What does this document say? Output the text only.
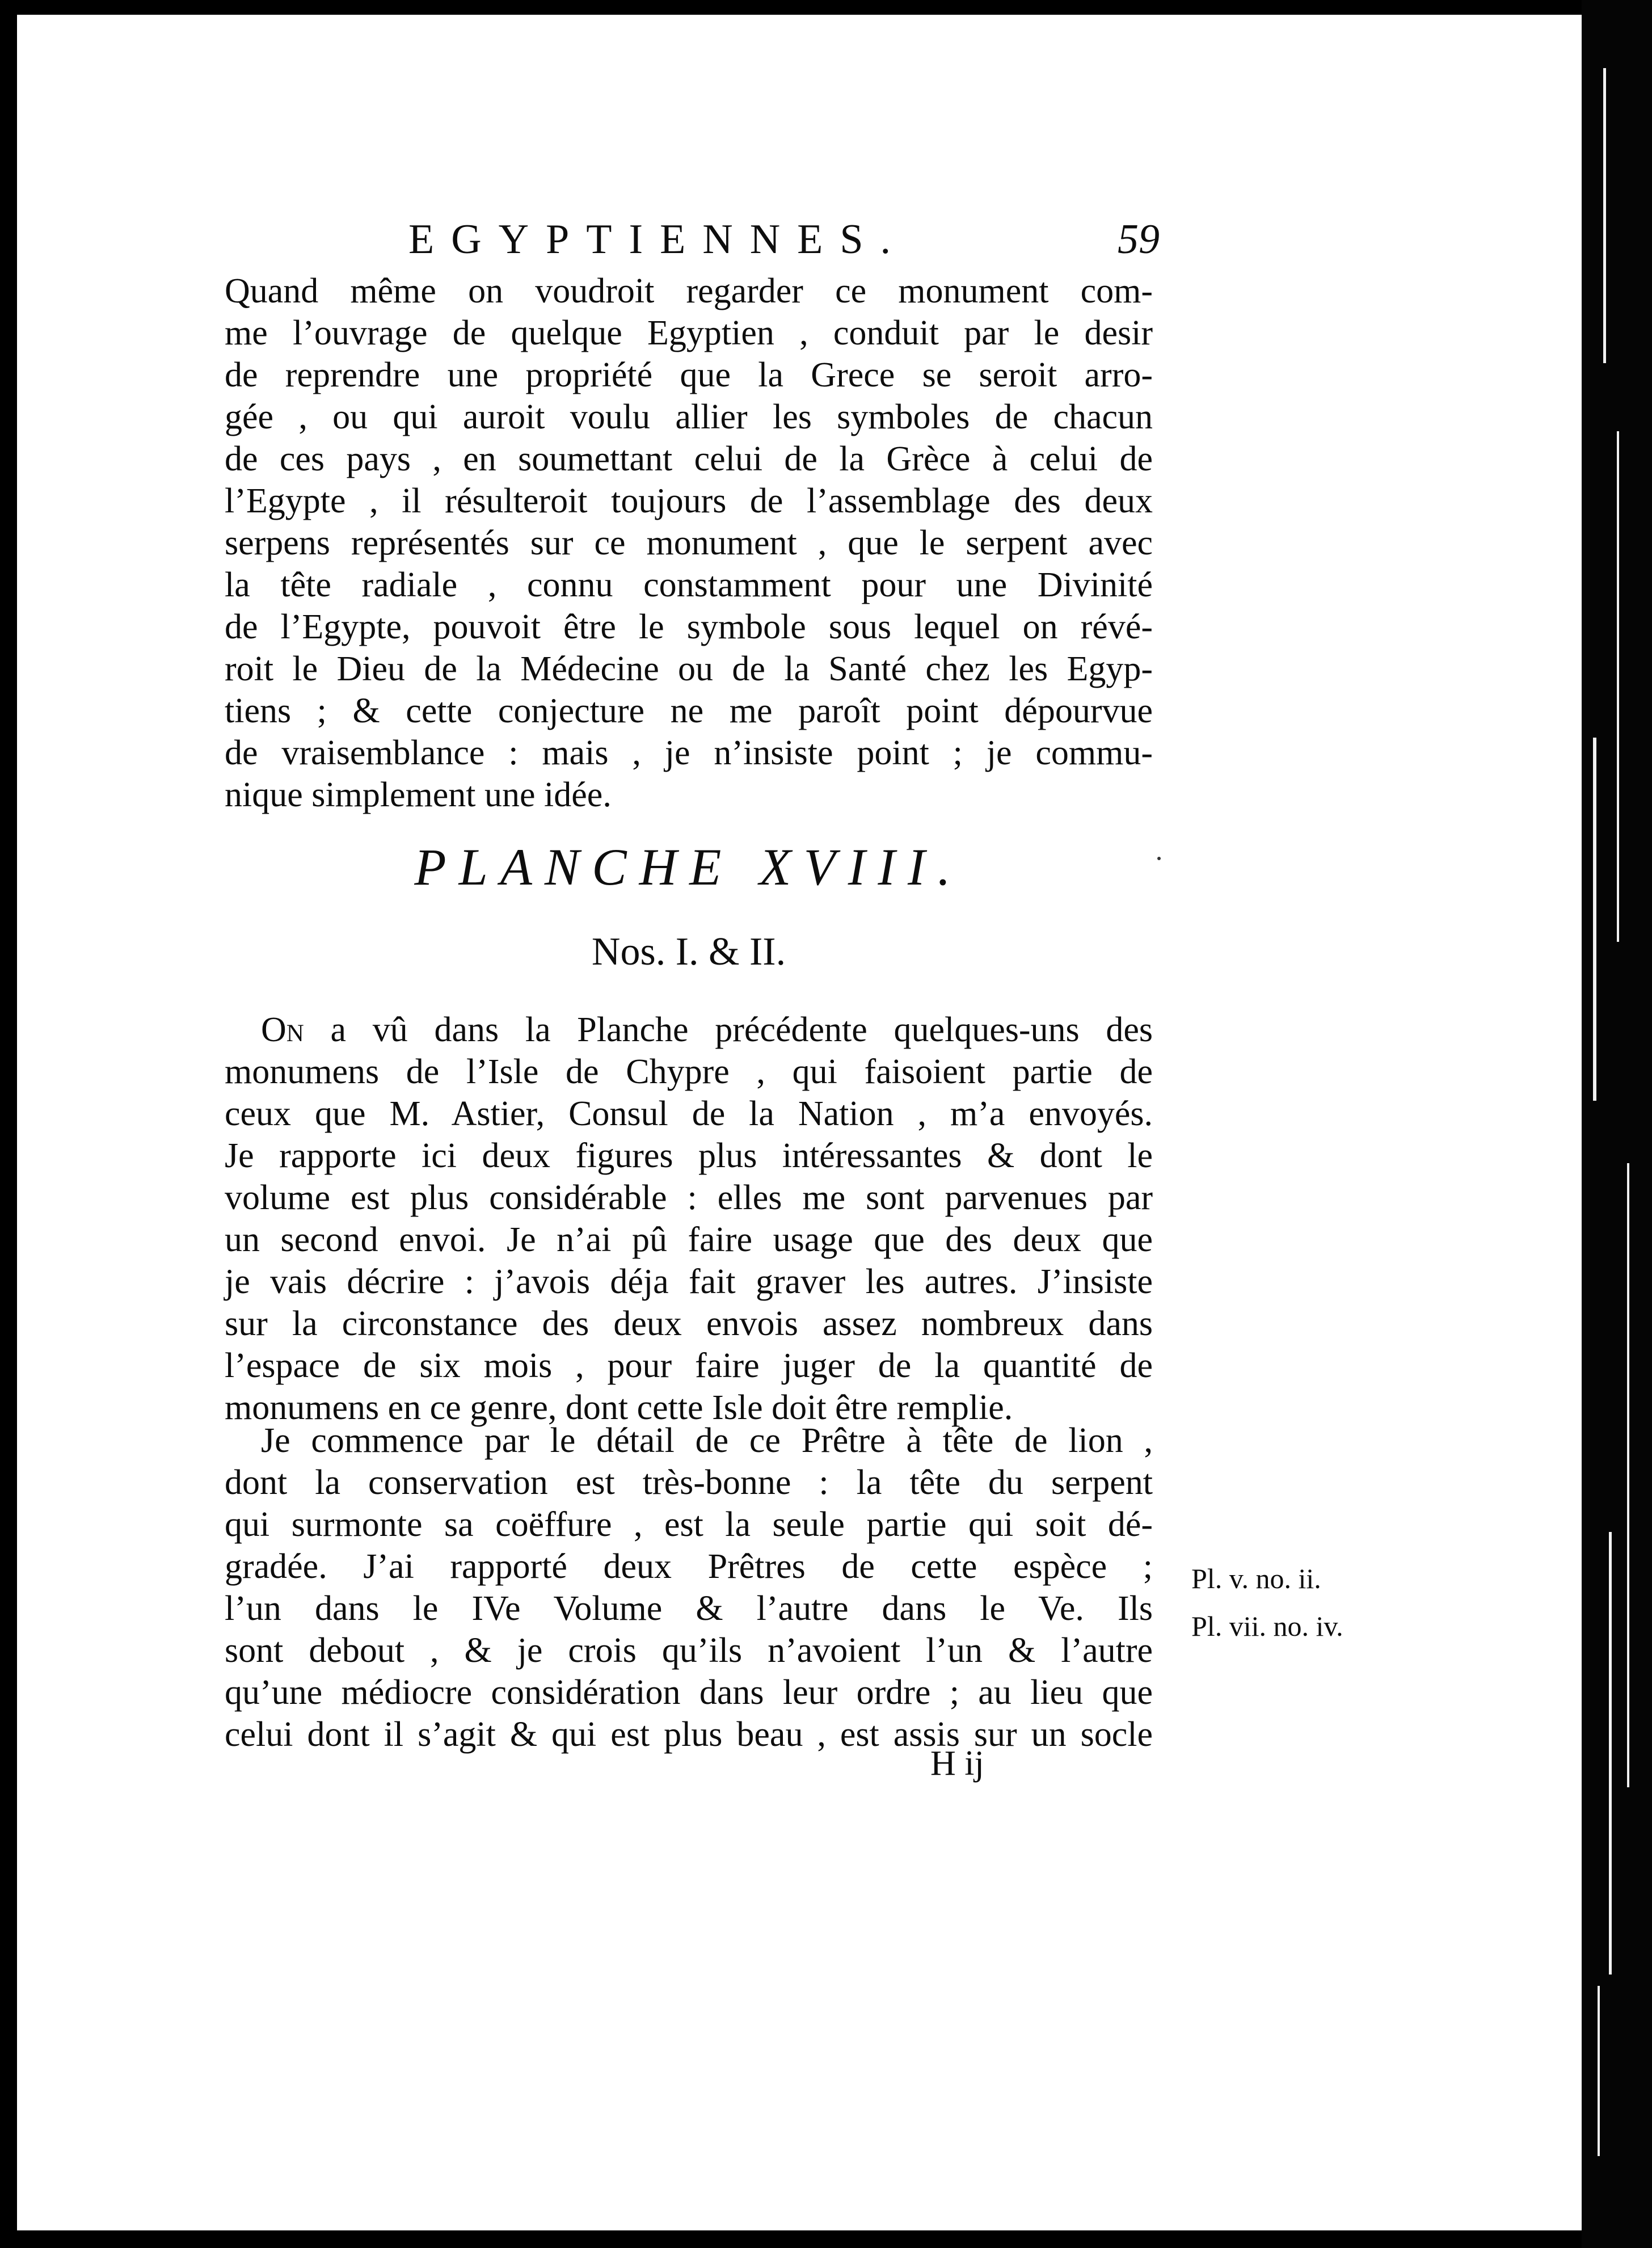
EGYPTIENNES.	59
Quand même on voudroit regarder ce monument com-
me l’ouvrage de quelque Egyptien , conduit par le desir
de reprendre une propriété que la Grece se seroit arro-
gée , ou qui auroit voulu allier les symboles de chacun
de ces pays , en soumettant celui de la Grèce à celui de
l’Egypte , il résulteroit toujours de l’assemblage des deux
serpens représentés sur ce monument , que le serpent avec
la tête radiale , connu constamment pour une Divinité
de l’Egypte, pouvoit être le symbole sous lequel on révé-
roit le Dieu de la Médecine ou de la Santé chez les Egyp-
tiens ; & cette conjecture ne me paroît point dépourvue
de vraisemblance : mais , je n’insiste point ; je commu-
nique simplement une idée.
PLANCHE XVIII.
Nos. I. & II.
On a vû dans la Planche précédente quelques-uns des
monumens de l’Isle de Chypre , qui faisoient partie de
ceux que M. Astier, Consul de la Nation , m’a envoyés.
Je rapporte ici deux figures plus intéressantes & dont le
volume est plus considérable : elles me sont parvenues par
un second envoi. Je n’ai pû faire usage que des deux que
je vais décrire : j’avois déja fait graver les autres. J’insiste
sur la circonstance des deux envois assez nombreux dans
l’espace de six mois , pour faire juger de la quantité de
monumens en ce genre, dont cette Isle doit être remplie.
Je commence par le détail de ce Prêtre à tête de lion ,
dont la conservation est très-bonne : la tête du serpent
qui surmonte sa coëffure , est la seule partie qui soit dé-
gradée. J’ai rapporté deux Prêtres de cette espèce ;
l’un dans le IVe Volume & l’autre dans le Ve. Ils
sont debout , & je crois qu’ils n’avoient l’un & l’autre
qu’une médiocre considération dans leur ordre ; au lieu que
celui dont il s’agit & qui est plus beau , est assis sur un socle
Pl. v. no. ii.
Pl. vii. no. iv.
H ij
